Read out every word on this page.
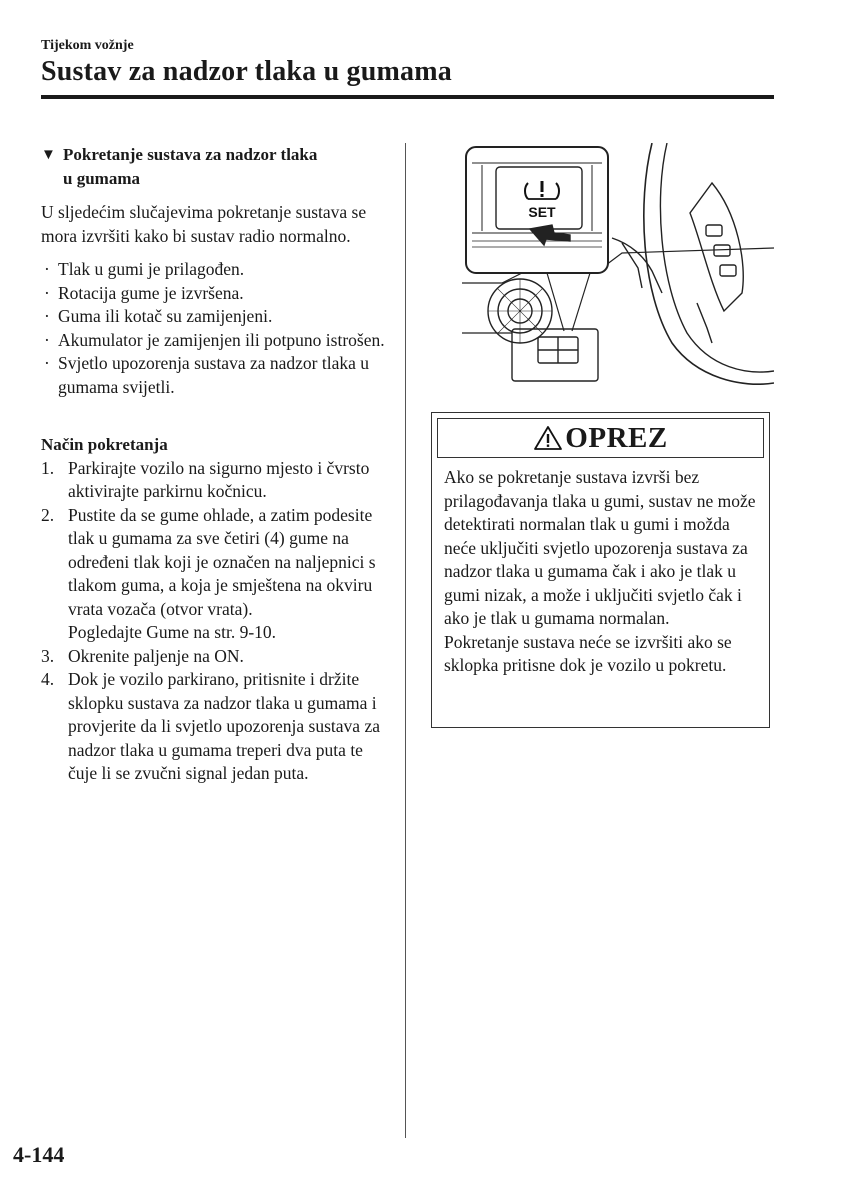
Tijekom vožnje
Sustav za nadzor tlaka u gumama
▼ Pokretanje sustava za nadzor tlaka
u gumama

U sljedećim slučajevima pokretanje sustava se mora izvršiti kako bi sustav radio normalno.

· Tlak u gumi je prilagođen.
· Rotacija gume je izvršena.
· Guma ili kotač su zamijenjeni.
· Akumulator je zamijenjen ili potpuno istrošen.
· Svjetlo upozorenja sustava za nadzor tlaka u gumama svijetli.
Način pokretanja
1. Parkirajte vozilo na sigurno mjesto i čvrsto aktivirajte parkirnu kočnicu.
2. Pustite da se gume ohlade, a zatim podesite tlak u gumama za sve četiri (4) gume na određeni tlak koji je označen na naljepnici s tlakom guma, a koja je smještena na okviru vrata vozača (otvor vrata).
Pogledajte Gume na str. 9-10.
3. Okrenite paljenje na ON.
4. Dok je vozilo parkirano, pritisnite i držite sklopku sustava za nadzor tlaka u gumama i provjerite da li svjetlo upozorenja sustava za nadzor tlaka u gumama treperi dva puta te čuje li se zvučni signal jedan puta.
SET
OPREZ

Ako se pokretanje sustava izvrši bez prilagođavanja tlaka u gumi, sustav ne može detektirati normalan tlak u gumi i možda neće uključiti svjetlo upozorenja sustava za nadzor tlaka u gumama čak i ako je tlak u gumi nizak, a može i uključiti svjetlo čak i ako je tlak u gumama normalan.

Pokretanje sustava neće se izvršiti ako se sklopka pritisne dok je vozilo u pokretu.

4-144
